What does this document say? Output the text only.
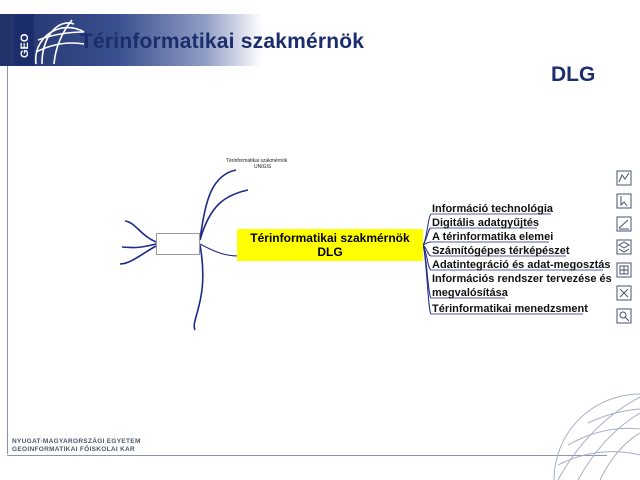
GEO Térinformatikai szakmérnök
DLG
Térinformatikai szakmérnök
DLG
Információ technológia
Digitális adatgyűjtés
A térinformatika elemei
Számítógépes térképészet
Adatintegráció és adat-megosztás
Információs rendszer tervezése és
megvalósítása
Térinformatikai menedzsment
Térinformatikai szakmérnök
UNIGIS
NYUGAT-MAGYARORSZÁGI EGYETEM
GEOINFORMATIKAI FŐISKOLAI KAR
